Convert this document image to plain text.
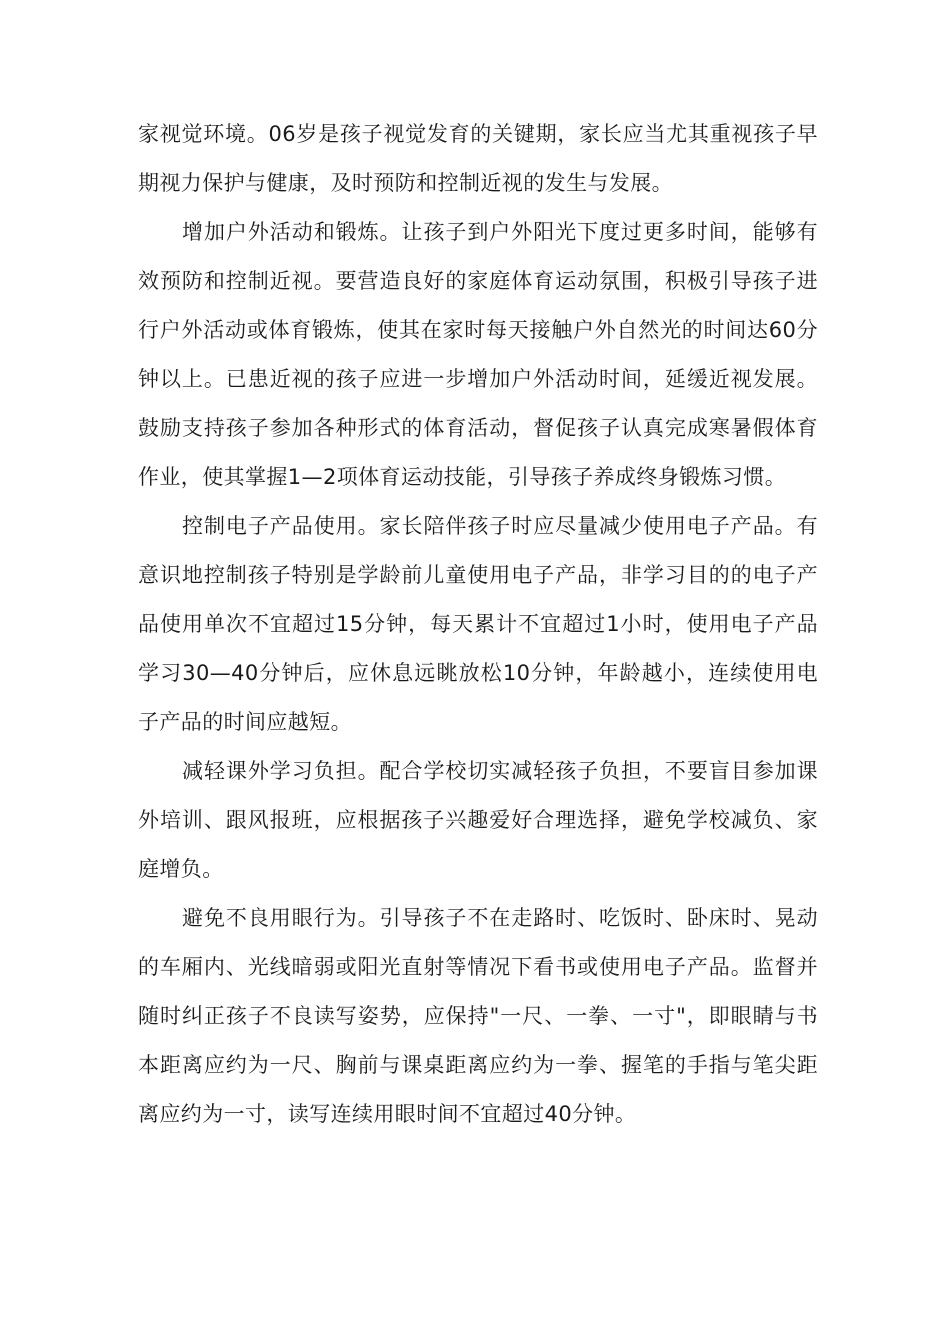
家视觉环境。06岁是孩子视觉发育的关键期，家长应当尤其重视孩子早期视力保护与健康，及时预防和控制近视的发生与发展。

增加户外活动和锻炼。让孩子到户外阳光下度过更多时间，能够有效预防和控制近视。要营造良好的家庭体育运动氛围，积极引导孩子进行户外活动或体育锻炼，使其在家时每天接触户外自然光的时间达60分钟以上。已患近视的孩子应进一步增加户外活动时间，延缓近视发展。鼓励支持孩子参加各种形式的体育活动，督促孩子认真完成寒暑假体育作业，使其掌握1—2项体育运动技能，引导孩子养成终身锻炼习惯。

控制电子产品使用。家长陪伴孩子时应尽量减少使用电子产品。有意识地控制孩子特别是学龄前儿童使用电子产品，非学习目的的电子产品使用单次不宜超过15分钟，每天累计不宜超过1小时，使用电子产品学习30—40分钟后，应休息远眺放松10分钟，年龄越小，连续使用电子产品的时间应越短。

减轻课外学习负担。配合学校切实减轻孩子负担，不要盲目参加课外培训、跟风报班，应根据孩子兴趣爱好合理选择，避免学校减负、家庭增负。

避免不良用眼行为。引导孩子不在走路时、吃饭时、卧床时、晃动的车厢内、光线暗弱或阳光直射等情况下看书或使用电子产品。监督并随时纠正孩子不良读写姿势，应保持"一尺、一拳、一寸"，即眼睛与书本距离应约为一尺、胸前与课桌距离应约为一拳、握笔的手指与笔尖距离应约为一寸，读写连续用眼时间不宜超过40分钟。
